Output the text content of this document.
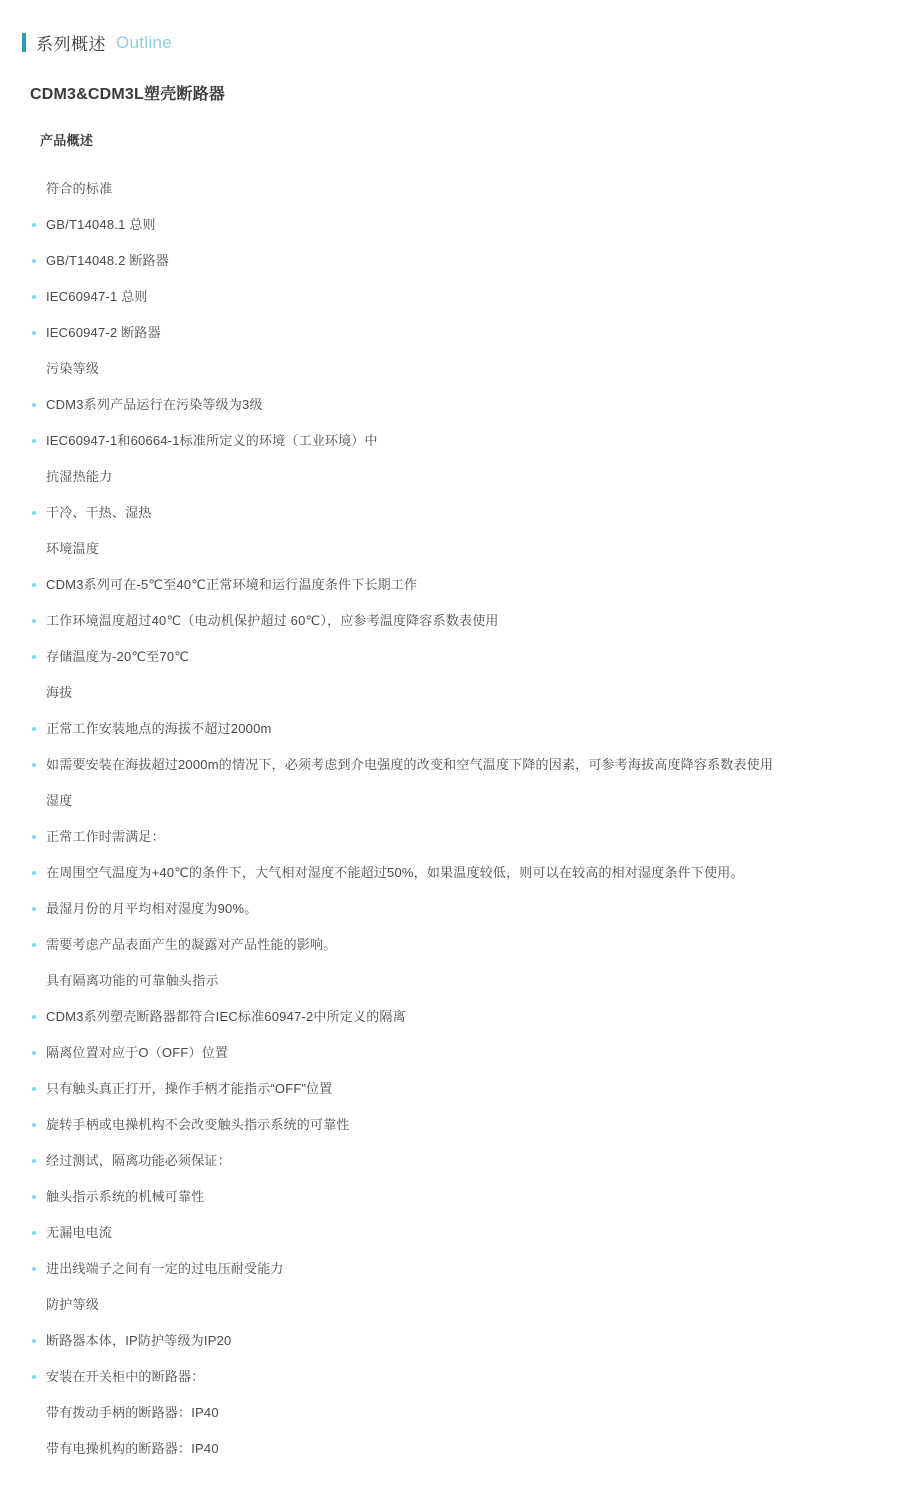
系列概述 Outline
CDM3&CDM3L塑壳断路器
产品概述
符合的标准
GB/T14048.1 总则
GB/T14048.2 断路器
IEC60947-1 总则
IEC60947-2 断路器
污染等级
CDM3系列产品运行在污染等级为3级
IEC60947-1和60664-1标准所定义的环境（工业环境）中
抗湿热能力
干冷、干热、湿热
环境温度
CDM3系列可在-5℃至40℃正常环境和运行温度条件下长期工作
工作环境温度超过40℃（电动机保护超过 60℃），应参考温度降容系数表使用
存储温度为-20℃至70℃
海拔
正常工作安装地点的海拔不超过2000m
如需要安装在海拔超过2000m的情况下，必须考虑到介电强度的改变和空气温度下降的因素，可参考海拔高度降容系数表使用
湿度
正常工作时需满足：
在周围空气温度为+40℃的条件下，大气相对湿度不能超过50%，如果温度较低，则可以在较高的相对湿度条件下使用。
最湿月份的月平均相对湿度为90%。
需要考虑产品表面产生的凝露对产品性能的影响。
具有隔离功能的可靠触头指示
CDM3系列塑壳断路器都符合IEC标准60947-2中所定义的隔离
隔离位置对应于O（OFF）位置
只有触头真正打开，操作手柄才能指示“OFF”位置
旋转手柄或电操机构不会改变触头指示系统的可靠性
经过测试，隔离功能必须保证：
触头指示系统的机械可靠性
无漏电电流
进出线端子之间有一定的过电压耐受能力
防护等级
断路器本体，IP防护等级为IP20
安装在开关柜中的断路器：
带有拨动手柄的断路器：IP40
带有电操机构的断路器：IP40
